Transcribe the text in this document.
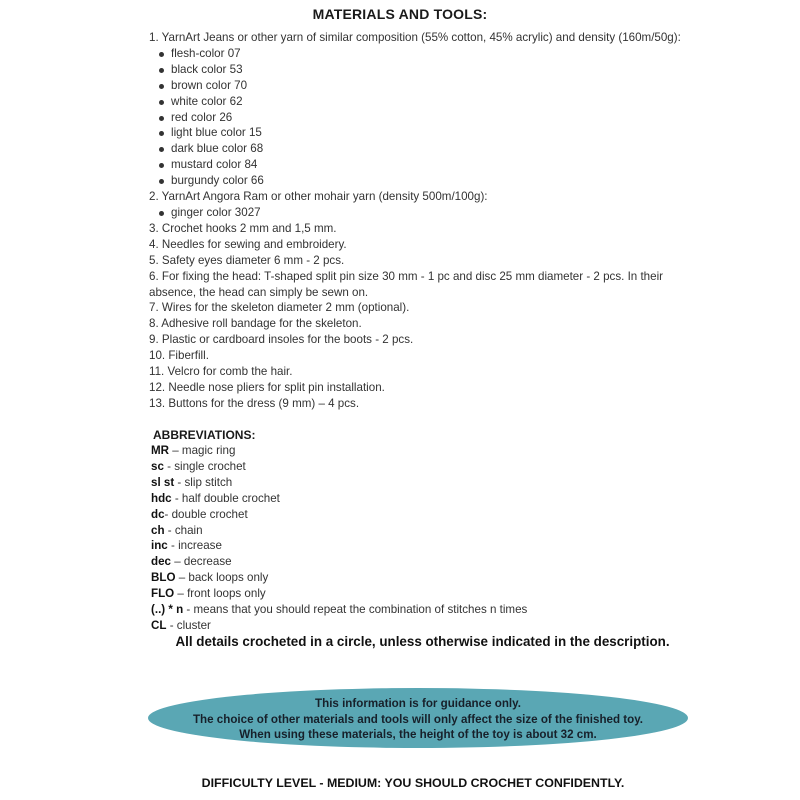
MATERIALS AND TOOLS:
1. YarnArt Jeans or other yarn of similar composition (55% cotton, 45% acrylic) and density (160m/50g):
flesh-color 07
black color 53
brown color 70
white color 62
red color 26
light blue color 15
dark blue color 68
mustard color 84
burgundy color 66
2. YarnArt Angora Ram or other mohair yarn (density 500m/100g):
ginger color 3027
3. Crochet hooks 2 mm and 1,5 mm.
4. Needles for sewing and embroidery.
5. Safety eyes diameter 6 mm - 2 pcs.
6. For fixing the head: T-shaped split pin size 30 mm - 1 pc and disc 25 mm diameter - 2 pcs. In their absence, the head can simply be sewn on.
7. Wires for the skeleton diameter 2 mm (optional).
8. Adhesive roll bandage for the skeleton.
9. Plastic or cardboard insoles for the boots - 2 pcs.
10. Fiberfill.
11. Velcro for comb the hair.
12. Needle nose pliers for split pin installation.
13. Buttons for the dress (9 mm) – 4 pcs.
ABBREVIATIONS:
MR – magic ring
sc - single crochet
sl st - slip stitch
hdc - half double crochet
dc- double crochet
ch - chain
inc - increase
dec – decrease
BLO – back loops only
FLO – front loops only
(..) * n - means that you should repeat the combination of stitches n times
CL - cluster
All details crocheted in a circle, unless otherwise indicated in the description.
This information is for guidance only.
The choice of other materials and tools will only affect the size of the finished toy.
When using these materials, the height of the toy is about 32 cm.
DIFFICULTY LEVEL - MEDIUM: YOU SHOULD CROCHET CONFIDENTLY.
